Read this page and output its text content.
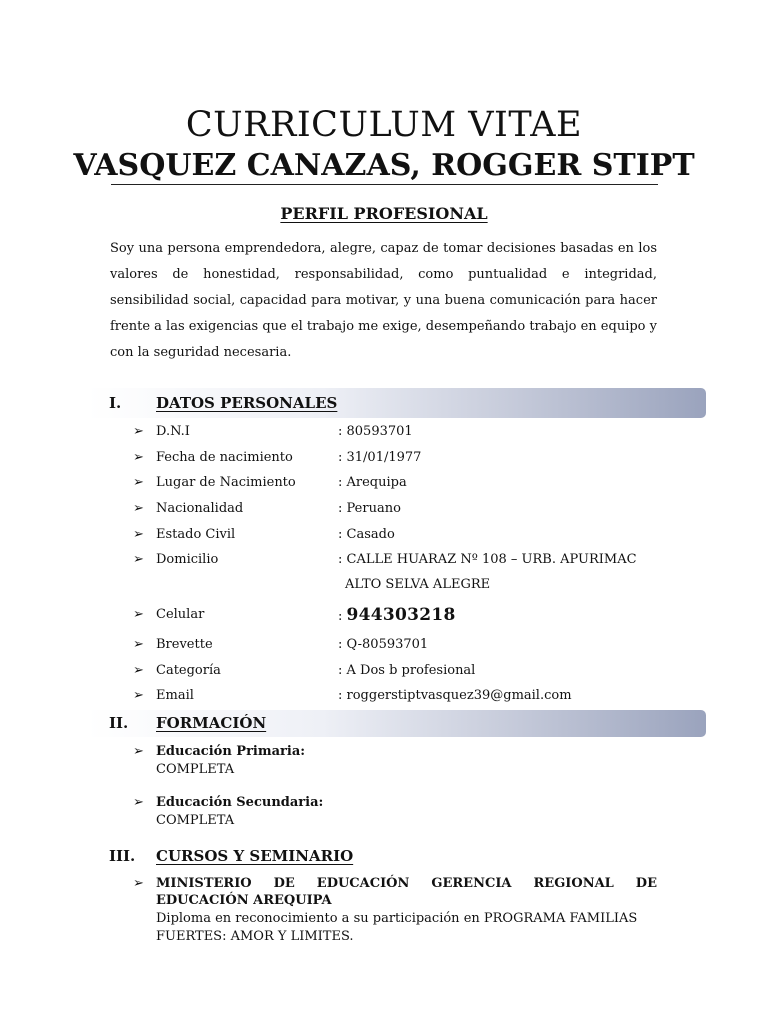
CURRICULUM VITAE
VASQUEZ CANAZAS, ROGGER STIPT
PERFIL PROFESIONAL
Soy una persona emprendedora, alegre, capaz de tomar decisiones basadas en los valores de honestidad, responsabilidad, como puntualidad e integridad, sensibilidad social, capacidad para motivar, y una buena comunicación para hacer frente a las exigencias que el trabajo me exige, desempeñando trabajo en equipo y con la seguridad necesaria.
I. DATOS PERSONALES
➢ D.N.I	: 80593701
➢ Fecha de nacimiento	: 31/01/1977
➢ Lugar de Nacimiento	: Arequipa
➢ Nacionalidad	: Peruano
➢ Estado Civil	: Casado
➢ Domicilio	: CALLE HUARAZ Nº 108 – URB. APURIMAC
ALTO SELVA ALEGRE
➢ Celular	: 944303218
➢ Brevette	: Q-80593701
➢ Categoría	: A Dos b profesional
➢ Email	: roggerstiptvasquez39@gmail.com
II. FORMACIÓN
➢ Educación Primaria:
COMPLETA
➢ Educación Secundaria:
COMPLETA
III. CURSOS Y SEMINARIO
➢ MINISTERIO DE EDUCACIÓN GERENCIA REGIONAL DE EDUCACIÓN AREQUIPA
Diploma en reconocimiento a su participación en PROGRAMA FAMILIAS FUERTES: AMOR Y LIMITES.
